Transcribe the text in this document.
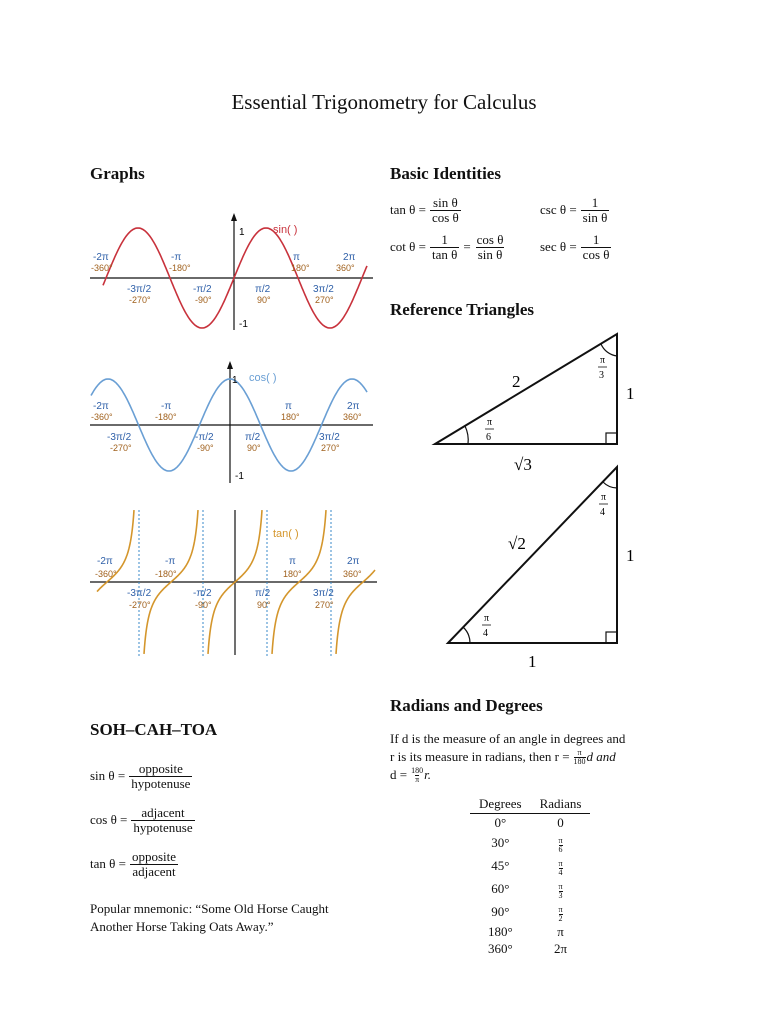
Essential Trigonometry for Calculus
Graphs	Basic Identities
Reference Triangles
Radians and Degrees
SOH–CAH–TOA
1
-1
sin( )
-2π
-360°
-π
-180°
π
180°
2π
360°
-3π/2
-270°
-π/2
-90°
π/2
90°
3π/2
270°
1
-1
cos( )
-2π
-360°
-π
-180°
π
180°
2π
360°
-3π/2
-270°
-π/2
-90°
π/2
90°
3π/2
270°
tan( )
-2π
-360°
-π
-180°
π
180°
2π
360°
-3π/2
-270°
-π/2
-90°
π/2
90°
3π/2
270°
$\tan \theta = \frac{\text{sin θ}}{\text{cos θ}}$	$\csc \theta = \frac{1}{\text{sin θ}}$
$\cot \theta = \frac{1}{\text{tan θ}} = \frac{\text{cos θ}}{\text{sin θ}}$	$\sec \theta = \frac{1}{\text{cos θ}}$
2
1
√3
π
3
π
6
√2
1
1
π
4
π
4
If d is the measure of an angle in degrees and
r is its measure in radians, then $r = \frac{\pi}{180}$ d and
$d = \frac{180}{\pi} r$.
Degrees	Radians
0°	0
30°	$\frac{\pi}{6}$

45°	$\frac{\pi}{4}$

60°	$\frac{\pi}{3}$

90°	$\frac{\pi}{2}$

180°	π
360°	2π
$\sin \theta = \frac{\text{opposite}}{\text{hypotenuse}}$
$\cos \theta = \frac{\text{adjacent}}{\text{hypotenuse}}$
$\tan \theta = \frac{\text{opposite}}{\text{adjacent}}$
Popular mnemonic: “Some Old Horse Caught
Another Horse Taking Oats Away.”
